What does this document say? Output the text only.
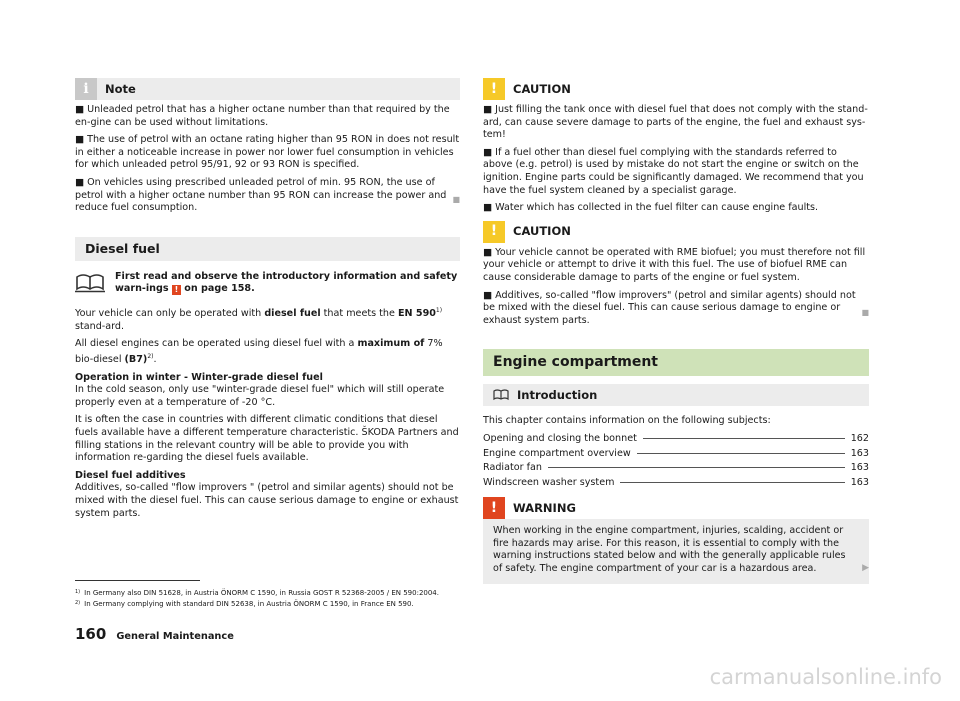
i	Note

■ Unleaded petrol that has a higher octane number than that required by the en-gine can be used without limitations.

■ The use of petrol with an octane rating higher than 95 RON in does not result in either a noticeable increase in power nor lower fuel consumption in vehicles for which unleaded petrol 95/91, 92 or 93 RON is specified.

■ On vehicles using prescribed unleaded petrol of min. 95 RON, the use of petrol with a higher octane number than 95 RON can increase the power and reduce fuel consumption.

■
Diesel fuel
First read and observe the introductory information and safety warn-ings ! on page 158.

Your vehicle can only be operated with diesel fuel that meets the EN 590$^{1)}$ stand-ard.

All diesel engines can be operated using diesel fuel with a maximum of 7% bio-diesel $(B7)^{2)}$.

Operation in winter - Winter-grade diesel fuel

In the cold season, only use "winter-grade diesel fuel" which will still operate properly even at a temperature of -20 °C.

It is often the case in countries with different climatic conditions that diesel fuels available have a different temperature characteristic. ŠKODA Partners and filling stations in the relevant country will be able to provide you with information re-garding the diesel fuels available.

Diesel fuel additives

Additives, so-called "flow improvers " (petrol and similar agents) should not be mixed with the diesel fuel. This can cause serious damage to engine or exhaust system parts.

!	CAUTION

■ Just filling the tank once with diesel fuel that does not comply with the stand-ard, can cause severe damage to parts of the engine, the fuel and exhaust sys-tem!

■ If a fuel other than diesel fuel complying with the standards referred to above (e.g. petrol) is used by mistake do not start the engine or switch on the ignition. Engine parts could be significantly damaged. We recommend that you have the fuel system cleaned by a specialist garage.

■ Water which has collected in the fuel filter can cause engine faults.

!	CAUTION

■ Your vehicle cannot be operated with RME biofuel; you must therefore not fill your vehicle or attempt to drive it with this fuel. The use of biofuel RME can cause considerable damage to parts of the engine or fuel system.

■ Additives, so-called "flow improvers" (petrol and similar agents) should not be mixed with the diesel fuel. This can cause serious damage to engine or exhaust system parts.

■
Engine compartment
Introduction

This chapter contains information on the following subjects:

Opening and closing the bonnet	162
Engine compartment overview	163
Radiator fan	163
Windscreen washer system	163
!	WARNING

When working in the engine compartment, injuries, scalding, accident or fire hazards may arise. For this reason, it is essential to comply with the warning instructions stated below and with the generally applicable rules of safety. The engine compartment of your car is a hazardous area.	▶
$^{1)}$ In Germany also DIN 51628, in Austria ÖNORM C 1590, in Russia GOST R 52368-2005 / EN 590:2004.
$^{2)}$ In Germany complying with standard DIN 52638, in Austria ÖNORM C 1590, in France EN 590.
160 General Maintenance
carmanualsonline.info
